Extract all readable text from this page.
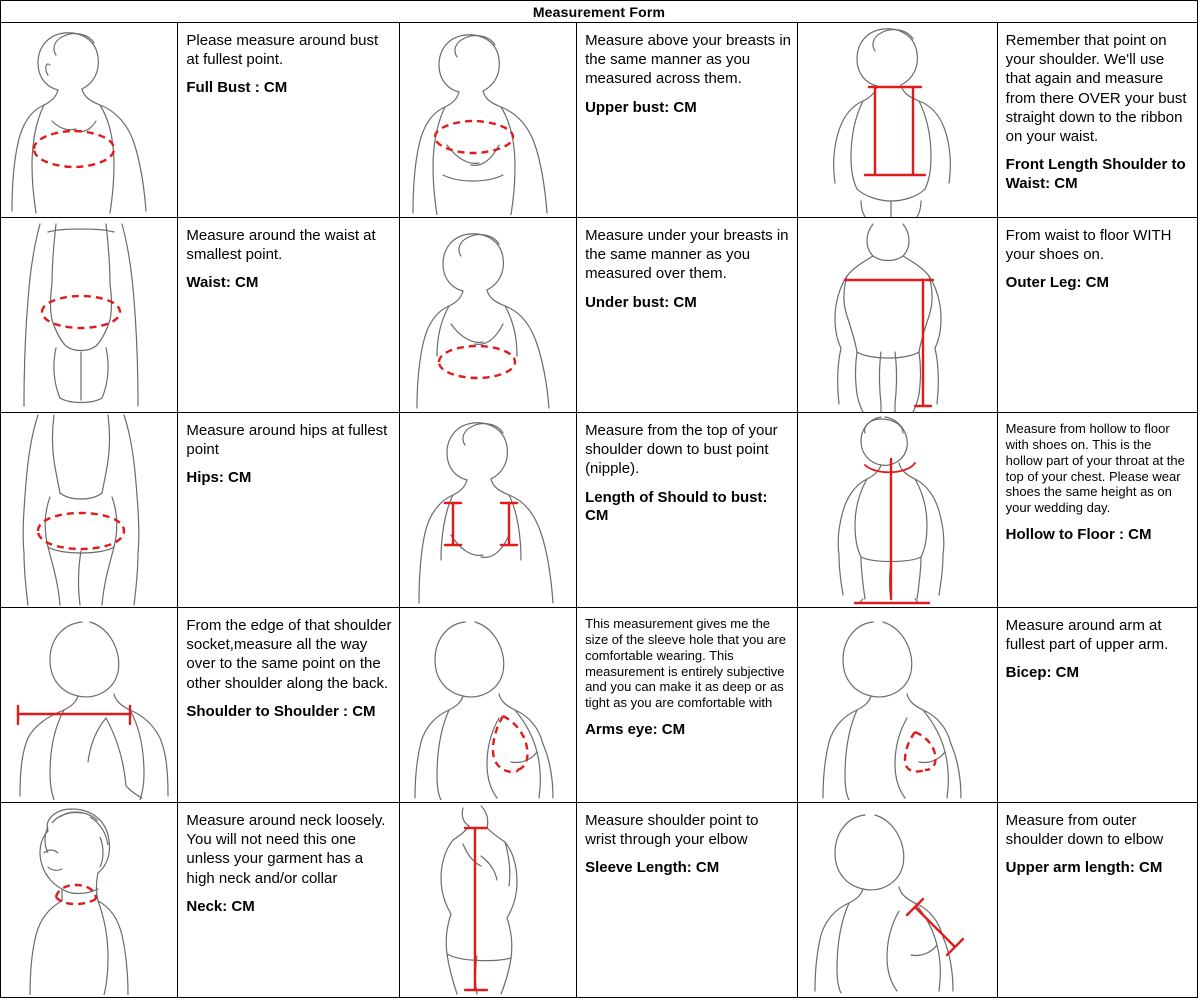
Measurement Form

Please measure around bust at fullest point.

Full Bust : CM

Measure above your breasts in the same manner as you measured across them.

Upper bust: CM

Remember that point on your shoulder. We'll use that again and measure from there OVER your bust straight down to the ribbon on your waist.

Front Length Shoulder to Waist: CM

Measure around the waist at smallest point.

Waist: CM

Measure under your breasts in the same manner as you measured over them.

Under bust: CM

From waist to floor WITH your shoes on.

Outer Leg: CM

Measure around hips at fullest point

Hips: CM

Measure from the top of your shoulder down to bust point (nipple).

Length of Should to bust: CM

Measure from hollow to floor with shoes on. This is the hollow part of your throat at the top of your chest. Please wear shoes the same height as on your wedding day.

Hollow to Floor : CM

From the edge of that shoulder socket,measure all the way over to the same point on the other shoulder along the back.

Shoulder to Shoulder : CM

This measurement gives me the size of the sleeve hole that you are comfortable wearing. This measurement is entirely subjective and you can make it as deep or as tight as you are comfortable with

Arms eye: CM

Measure around arm at fullest part of upper arm.

Bicep: CM

Measure around neck loosely. You will not need this one unless your garment has a high neck and/or collar

Neck: CM

Measure shoulder point to wrist through your elbow

Sleeve Length: CM

Measure from outer shoulder down to elbow

Upper arm length: CM
